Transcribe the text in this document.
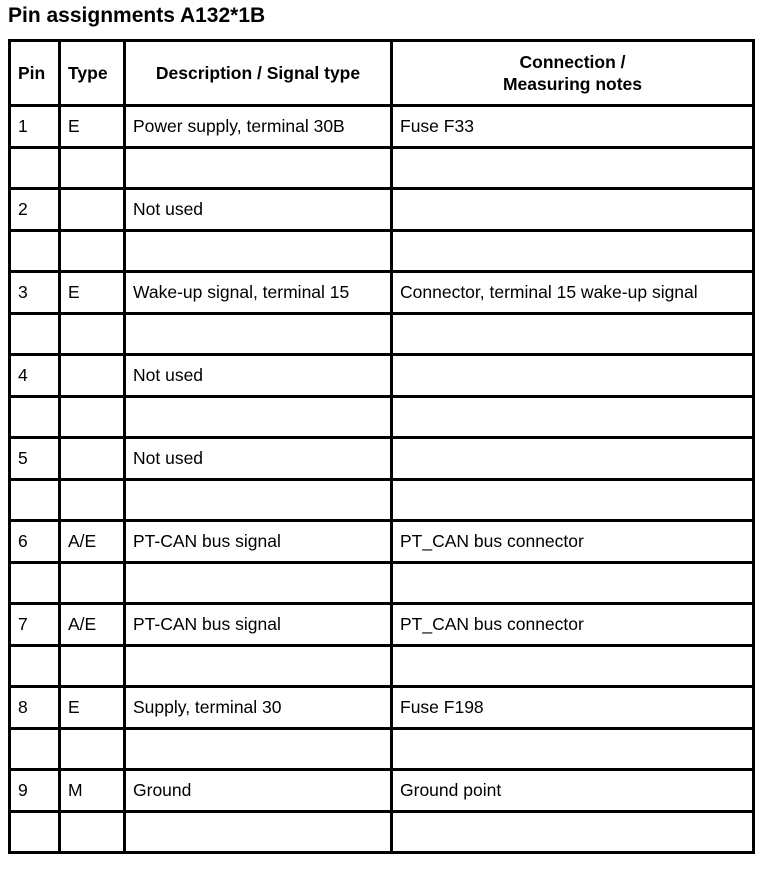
Pin assignments A132*1B
Pin	Type	Description / Signal type	Connection /
Measuring notes

1	E	Power supply, terminal 30B	Fuse F33

2		Not used	

3	E	Wake-up signal, terminal 15	Connector, terminal 15 wake-up signal

4		Not used	

5		Not used	

6	A/E	PT-CAN bus signal	PT_CAN bus connector

7	A/E	PT-CAN bus signal	PT_CAN bus connector

8	E	Supply, terminal 30	Fuse F198

9	M	Ground	Ground point
